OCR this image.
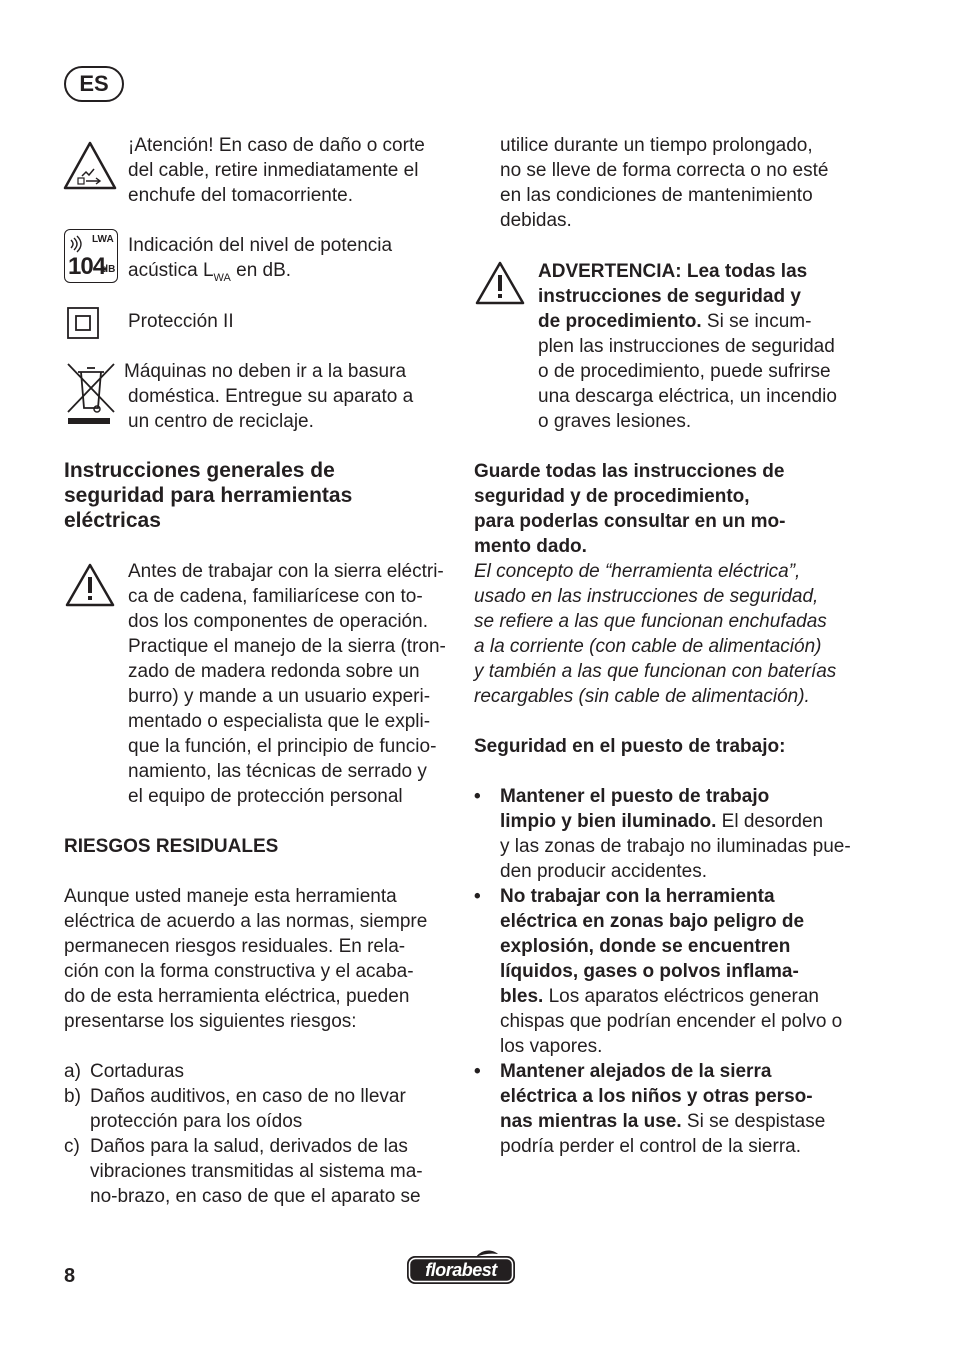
ES
¡Atención! En caso de daño o corte
del cable, retire inmediatamente el
enchufe del tomacorriente.
LWA
104
dB
Indicación del nivel de potencia
acústica $L_{WA}$ en dB.
Protección II
Máquinas no deben ir a la basura
doméstica. Entregue su aparato a
un centro de reciclaje.
Instrucciones generales de
seguridad para herramientas
eléctricas
Antes de trabajar con la sierra eléctri-
ca de cadena, familiarícese con to-
dos los componentes de operación.
Practique el manejo de la sierra (tron-
zado de madera redonda sobre un
burro) y mande a un usuario experi-
mentado o especialista que le expli-
que la función, el principio de funcio-
namiento, las técnicas de serrado y
el equipo de protección personal
RIESGOS RESIDUALES
Aunque usted maneje esta herramienta
eléctrica de acuerdo a las normas, siempre
permanecen riesgos residuales. En rela-
ción con la forma constructiva y el acaba-
do de esta herramienta eléctrica, pueden
presentarse los siguientes riesgos:
a) Cortaduras
b) Daños auditivos, en caso de no llevar
protección para los oídos
c) Daños para la salud, derivados de las
vibraciones transmitidas al sistema ma-
no-brazo, en caso de que el aparato se
utilice durante un tiempo prolongado,
no se lleve de forma correcta o no esté
en las condiciones de mantenimiento
debidas.
ADVERTENCIA: Lea todas las
instrucciones de seguridad y
de procedimiento. Si se incum-
plen las instrucciones de seguridad
o de procedimiento, puede sufrirse
una descarga eléctrica, un incendio
o graves lesiones.
Guarde todas las instrucciones de
seguridad y de procedimiento,
para poderlas consultar en un mo-
mento dado.
El concepto de “herramienta eléctrica”,
usado en las instrucciones de seguridad,
se refiere a las que funcionan enchufadas
a la corriente (con cable de alimentación)
y también a las que funcionan con baterías
recargables (sin cable de alimentación).
Seguridad en el puesto de trabajo:
• Mantener el puesto de trabajo
limpio y bien iluminado. El desorden
y las zonas de trabajo no iluminadas pue-
den producir accidentes.
• No trabajar con la herramienta
eléctrica en zonas bajo peligro de
explosión, donde se encuentren
líquidos, gases o polvos inflama-
bles. Los aparatos eléctricos generan
chispas que podrían encender el polvo o
los vapores.
• Mantener alejados de la sierra
eléctrica a los niños y otras perso-
nas mientras la use. Si se despistase
podría perder el control de la sierra.
8	florabest
